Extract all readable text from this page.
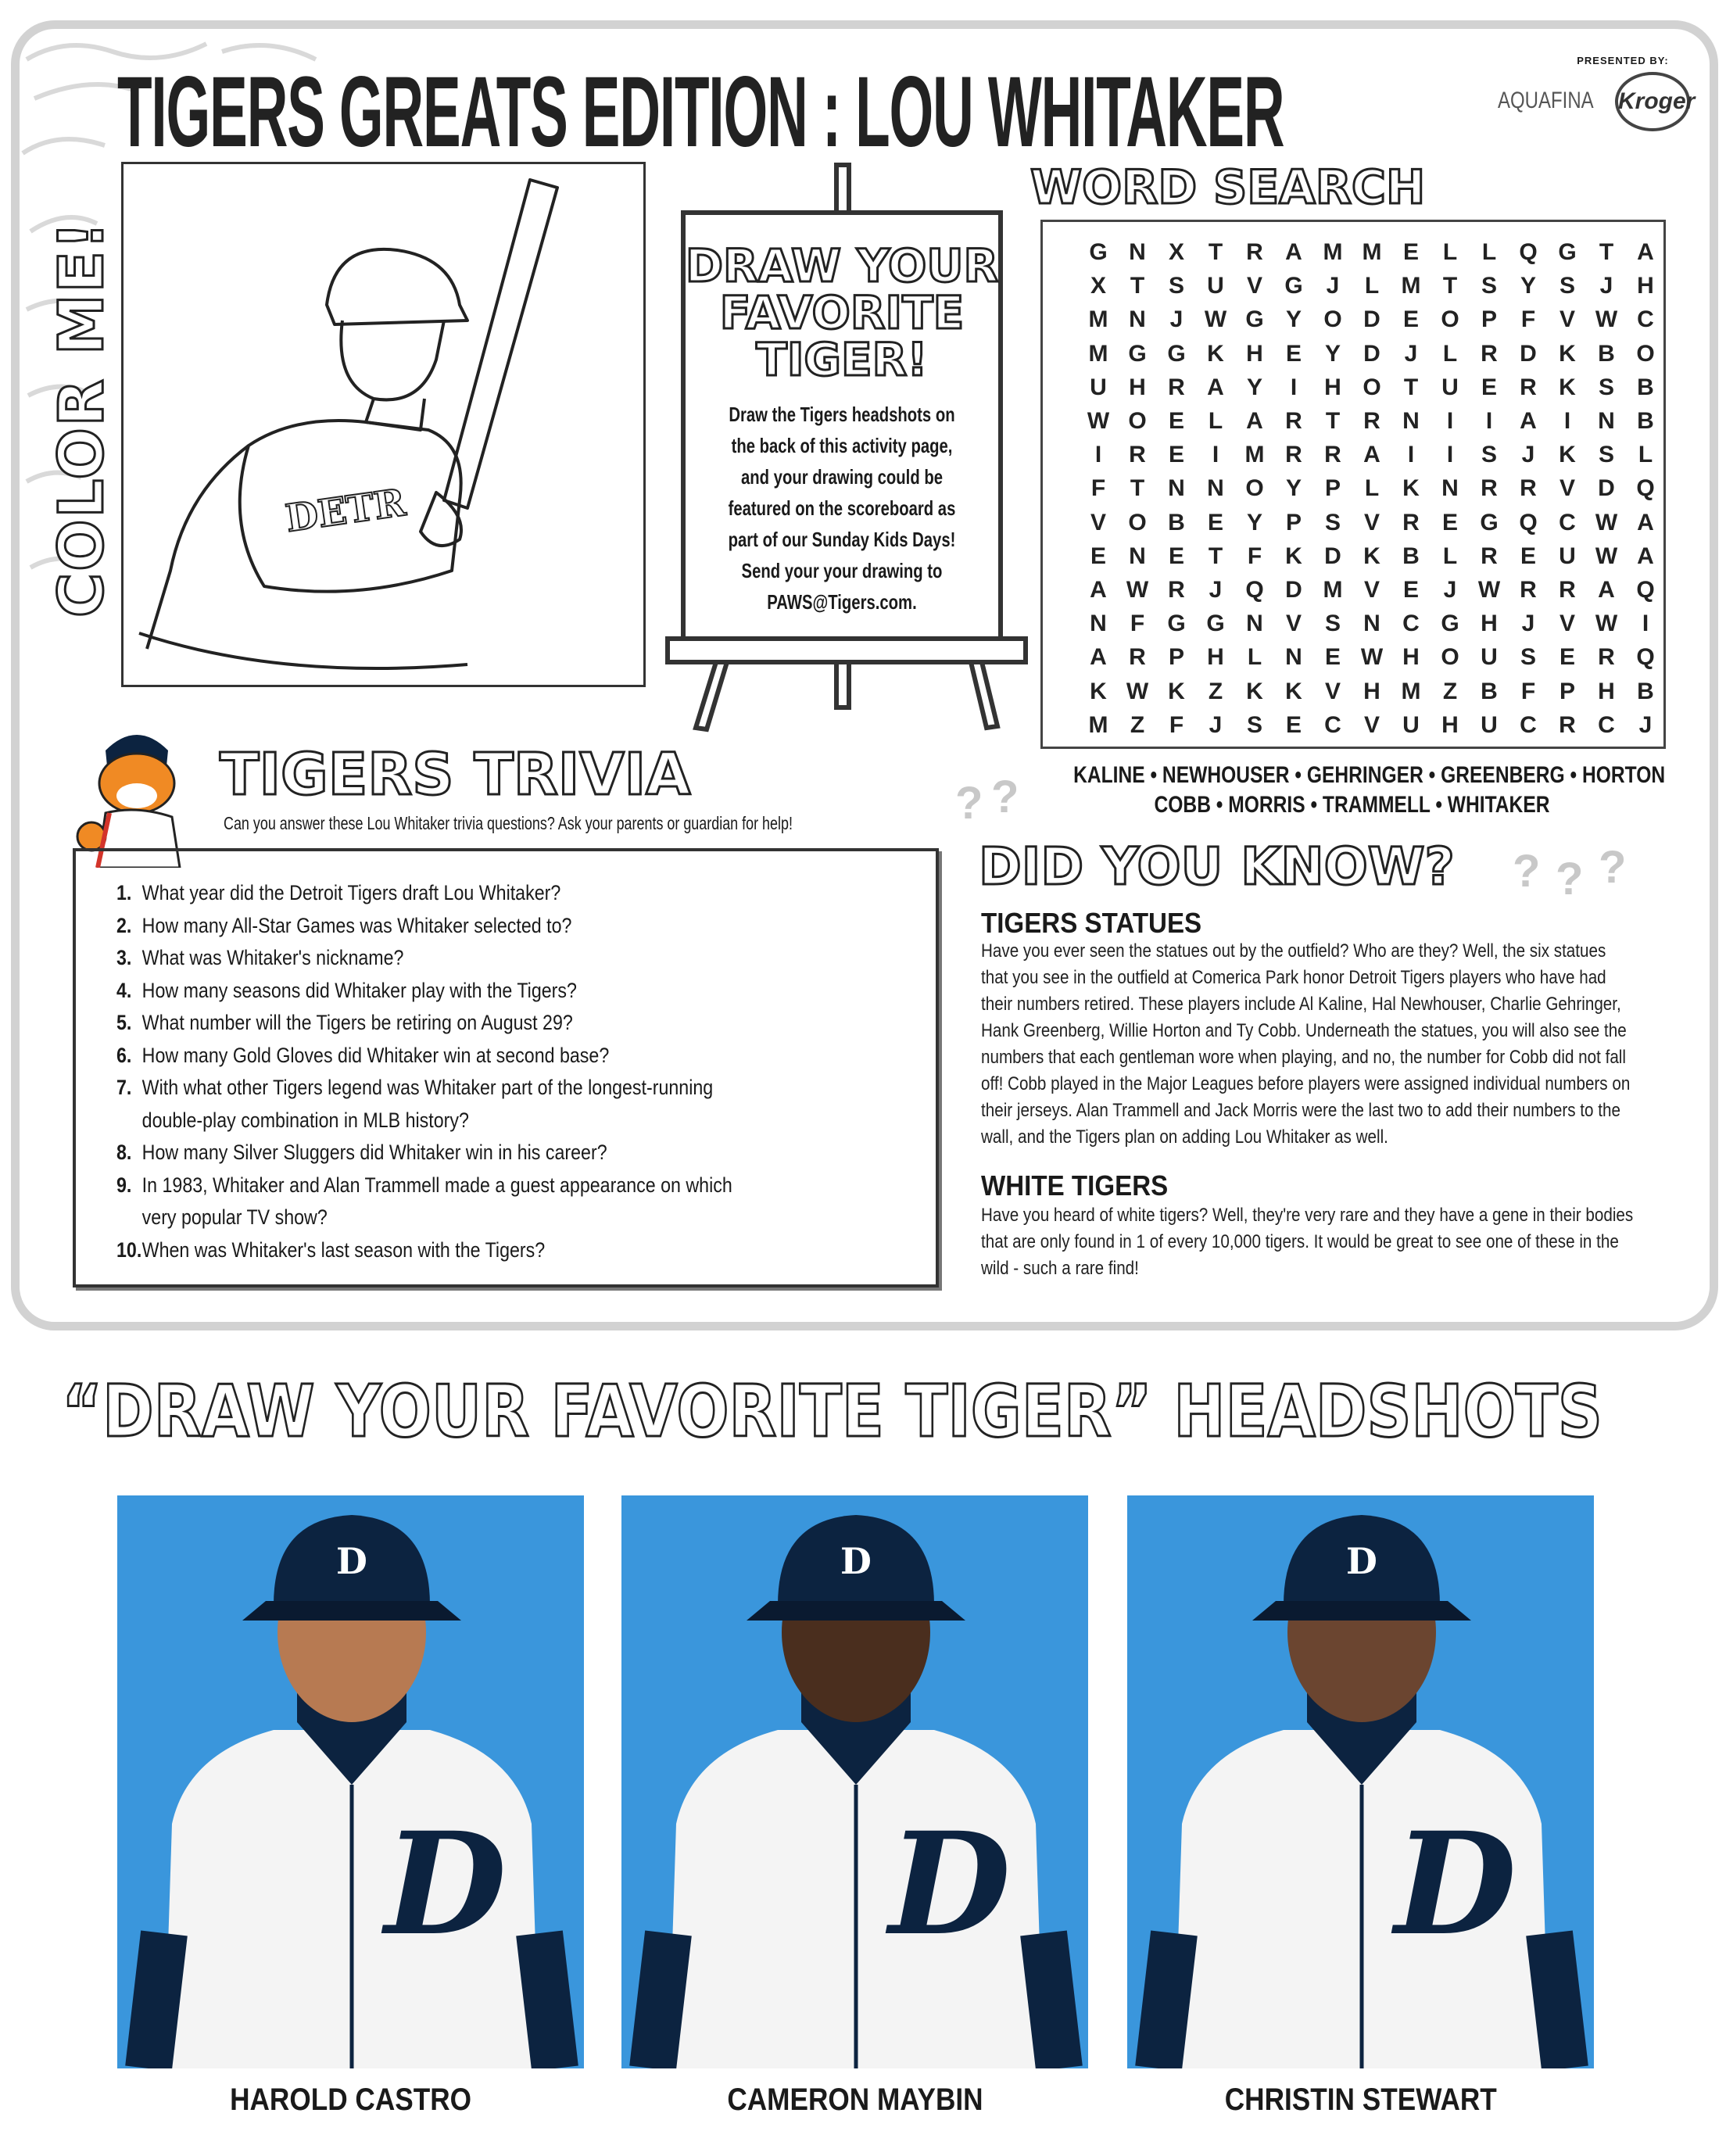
TIGERS GREATS EDITION : LOU WHITAKER	PRESENTED BY:
AQUAFINA Kroger
COLOR ME!	DETR
DRAW YOUR
FAVORITE
TIGER!
Draw the Tigers headshots on
the back of this activity page,
and your drawing could be
featured on the scoreboard as
part of our Sunday Kids Days!
Send your your drawing to
PAWS@Tigers.com.
WORD SEARCH
G N X	T	R A M M E	L	L Q G T	A
X	T	S U V G J	L M T	S Y S	J	H
M N	J W G Y O D E O P	F	V W C
M G G K H E Y D	J	L	R D K B O
U H R A Y	I	H O T	U E R K S B
W O E	L	A R	T	R N	I	I	A	I	N B
I	R E	I	M R R A	I	I	S	J	K S	L
F	T	N N O Y P	L	K N R R V D Q
V O B E Y P S V R E G Q C W A
E N E	T	F	K D K B	L	R E U W A
A W R	J Q D M V E	J W R R A Q
N	F G G N V S N C G H	J	V W	I
A R P H	L	N E W H O U S E R Q
K W K	Z	K K V H M Z	B	F	P H B
M Z	F	J	S E C V U H U C R C	J
KALINE • NEWHOUSER • GEHRINGER • GREENBERG • HORTON
COBB • MORRIS • TRAMMELL • WHITAKER
TIGERS TRIVIA
Can you answer these Lou Whitaker trivia questions? Ask your parents or guardian for help!
1. What year did the Detroit Tigers draft Lou Whitaker?
2. How many All-Star Games was Whitaker selected to?
3. What was Whitaker's nickname?
4. How many seasons did Whitaker play with the Tigers?
5. What number will the Tigers be retiring on August 29?
6. How many Gold Gloves did Whitaker win at second base?
7. With what other Tigers legend was Whitaker part of the longest-running
double-play combination in MLB history?
8. How many Silver Sluggers did Whitaker win in his career?
9. In 1983, Whitaker and Alan Trammell made a guest appearance on which
very popular TV show?
10.When was Whitaker's last season with the Tigers?
? ?
? ? ?
DID YOU KNOW?
TIGERS STATUES
Have you ever seen the statues out by the outfield? Who are they? Well, the six statues
that you see in the outfield at Comerica Park honor Detroit Tigers players who have had
their numbers retired. These players include Al Kaline, Hal Newhouser, Charlie Gehringer,
Hank Greenberg, Willie Horton and Ty Cobb. Underneath the statues, you will also see the
numbers that each gentleman wore when playing, and no, the number for Cobb did not fall
off! Cobb played in the Major Leagues before players were assigned individual numbers on
their jerseys. Alan Trammell and Jack Morris were the last two to add their numbers to the
wall, and the Tigers plan on adding Lou Whitaker as well.
WHITE TIGERS
Have you heard of white tigers? Well, they're very rare and they have a gene in their bodies
that are only found in 1 of every 10,000 tigers. It would be great to see one of these in the
wild - such a rare find!
“DRAW YOUR FAVORITE TIGER” HEADSHOTS
D
D
HAROLD CASTRO
D
D
CAMERON MAYBIN
D
D
CHRISTIN STEWART
